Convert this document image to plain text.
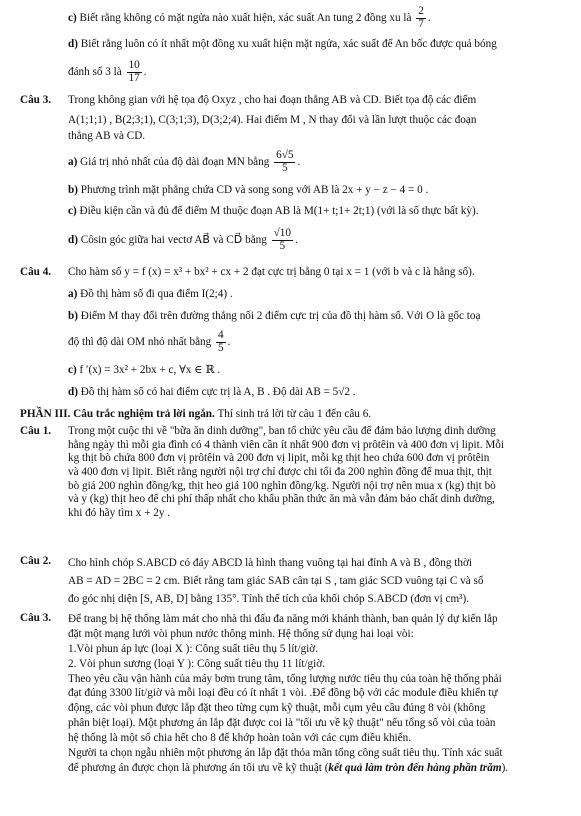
c) Biết rằng không có mặt ngửa nào xuất hiện, xác suất An tung 2 đồng xu là $\frac{2}{7}$ .
d) Biết rằng luôn có ít nhất một đồng xu xuất hiện mặt ngửa, xác suất để An bốc được quả bóng
đánh số 3 là $\frac{10}{17}$ .
Câu 3. Trong không gian với hệ tọa độ Oxyz , cho hai đoạn thẳng AB và CD. Biết tọa độ các điểm
A(1;1;1) , B(2;3;1), C(3;1;3), D(3;2;4). Hai điểm M , N thay đổi và lần lượt thuộc các đoạn
thẳng AB và CD.
a) Giá trị nhỏ nhất của độ dài đoạn MN bằng $\frac{6√5}{5}$ .
b) Phương trình mặt phẳng chứa CD và song song với AB là 2x + y − z − 4 = 0 .
c) Điều kiện cần và đủ để điểm M thuộc đoạn AB là M(1+ t;1+ 2t;1) (với là số thực bất kỳ).
d) Côsin góc giữa hai vectơ AB⃗ và CD⃗ bằng $\frac{√10}{5}$ .
Câu 4. Cho hàm số y = f (x) = x³ + bx² + cx + 2 đạt cực trị bằng 0 tại x = 1 (với b và c là hằng số).
a) Đồ thị hàm số đi qua điểm I(2;4) .
b) Điểm M thay đổi trên đường thẳng nối 2 điểm cực trị của đồ thị hàm số. Với O là gốc toạ
độ thì độ dài OM nhỏ nhất bằng $\frac{4}{5}$ .
c) f ′(x) = 3x² + 2bx + c, ∀x ∈ ℝ .
d) Đồ thị hàm số có hai điểm cực trị là A, B . Độ dài AB = 5√2 .
PHẦN III. Câu trắc nghiệm trả lời ngắn. Thí sinh trả lời từ câu 1 đến câu 6.
Câu 1. Trong một cuộc thi về "bữa ăn dinh dưỡng", ban tổ chức yêu cầu để đảm bảo lượng dinh dưỡng
hằng ngày thì mỗi gia đình có 4 thành viên cần ít nhất 900 đơn vị prôtêin và 400 đơn vị lipit. Mỗi
kg thịt bò chứa 800 đơn vị prôtêin và 200 đơn vị lipit, mỗi kg thịt heo chứa 600 đơn vị prôtêin
và 400 đơn vị lipit. Biết rằng người nội trợ chỉ được chi tối đa 200 nghìn đồng để mua thịt, thịt
bò giá 200 nghìn đồng/kg, thịt heo giá 100 nghìn đồng/kg. Người nội trợ nên mua x (kg) thịt bò
và y (kg) thịt heo để chi phí thấp nhất cho khẩu phần thức ăn mà vẫn đảm bảo chất dinh dưỡng,
khi đó hãy tìm x + 2y .
Câu 2. Cho hình chóp S.ABCD có đáy ABCD là hình thang vuông tại hai đỉnh A và B , đồng thời
AB = AD = 2BC = 2 cm. Biết rằng tam giác SAB cân tại S , tam giác SCD vuông tại C và số
đo góc nhị diện [S, AB, D] bằng 135°. Tính thể tích của khối chóp S.ABCD (đơn vị cm³).
Câu 3. Để trang bị hệ thống làm mát cho nhà thi đấu đa năng mới khánh thành, ban quản lý dự kiến lắp
đặt một mạng lưới vòi phun nước thông minh. Hệ thống sử dụng hai loại vòi:
1.Vòi phun áp lực (loại X ): Công suất tiêu thụ 5 lít/giờ.
2. Vòi phun sương (loại Y ): Công suất tiêu thụ 11 lít/giờ.
Theo yêu cầu vận hành của máy bơm trung tâm, tổng lượng nước tiêu thụ của toàn hệ thống phải
đạt đúng 3300 lít/giờ và mỗi loại đều có ít nhất 1 vòi. .Để đồng bộ với các module điều khiển tự
động, các vòi phun được lắp đặt theo từng cụm kỹ thuật, mỗi cụm yêu cầu đúng 8 vòi (không
phân biệt loại). Một phương án lắp đặt được coi là "tối ưu về kỹ thuật" nếu tổng số vòi của toàn
hệ thống là một số chia hết cho 8 để khớp hoàn toàn với các cụm điều khiển.
Người ta chọn ngẫu nhiên một phương án lắp đặt thỏa mãn tổng công suất tiêu thụ. Tính xác suất
để phương án được chọn là phương án tối ưu về kỹ thuật (kết quả làm tròn đến hàng phần trăm).
